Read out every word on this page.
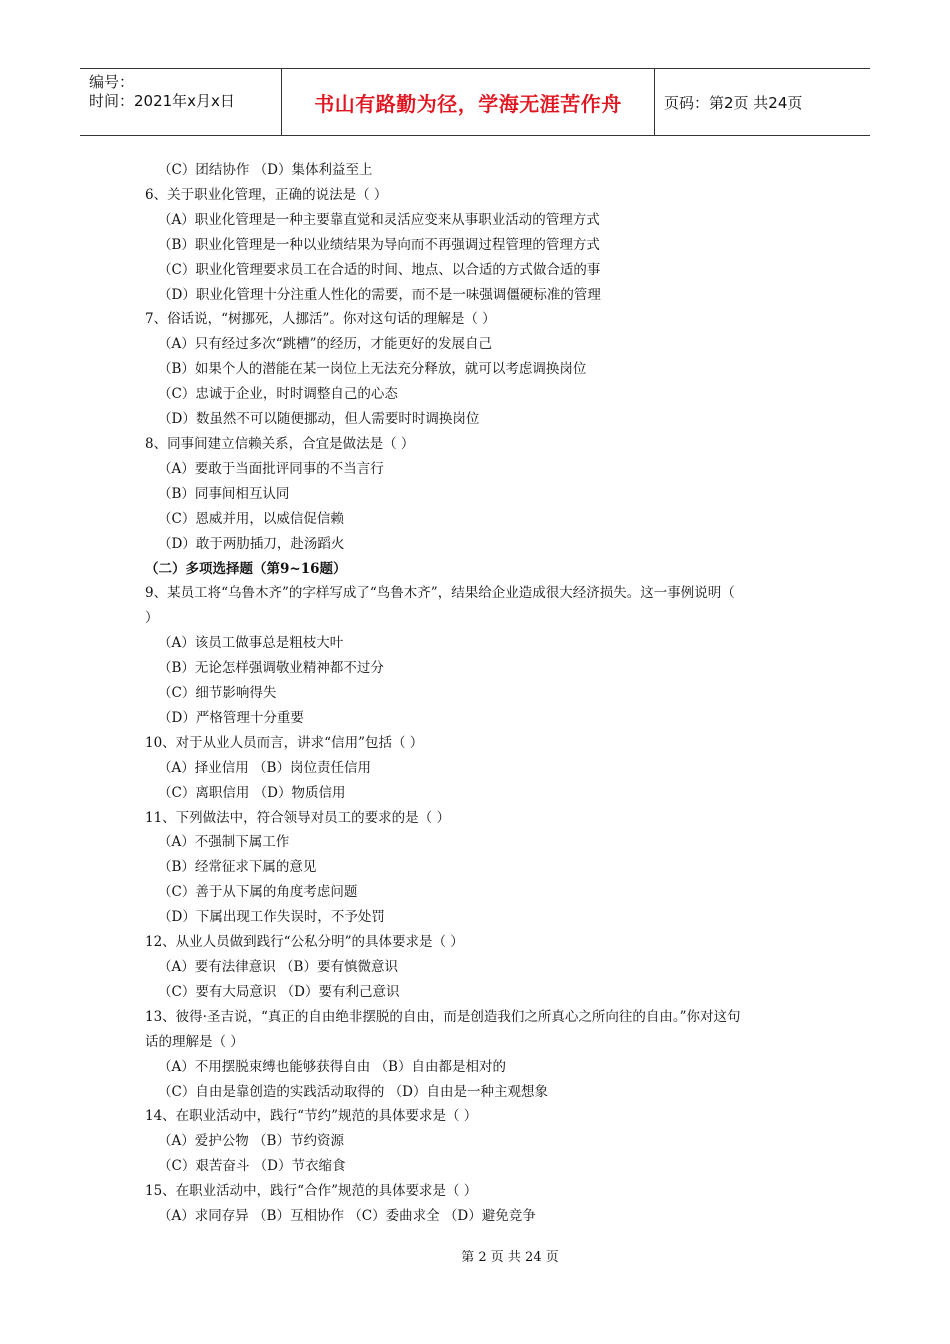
编号：
时间：2021年x月x日	书山有路勤为径，学海无涯苦作舟	页码：第2页 共24页
（C）团结协作 （D）集体利益至上
6、关于职业化管理，正确的说法是（ ）
（A）职业化管理是一种主要靠直觉和灵活应变来从事职业活动的管理方式
（B）职业化管理是一种以业绩结果为导向而不再强调过程管理的管理方式
（C）职业化管理要求员工在合适的时间、地点、以合适的方式做合适的事
（D）职业化管理十分注重人性化的需要，而不是一味强调僵硬标准的管理
7、俗话说，“树挪死，人挪活”。你对这句话的理解是（ ）
（A）只有经过多次“跳槽”的经历，才能更好的发展自己
（B）如果个人的潜能在某一岗位上无法充分释放，就可以考虑调换岗位
（C）忠诚于企业，时时调整自己的心态
（D）数虽然不可以随便挪动，但人需要时时调换岗位
8、同事间建立信赖关系，合宜是做法是（ ）
（A）要敢于当面批评同事的不当言行
（B）同事间相互认同
（C）恩威并用，以威信促信赖
（D）敢于两肋插刀，赴汤蹈火
（二）多项选择题（第9~16题）
9、某员工将“乌鲁木齐”的字样写成了“鸟鲁木齐”，结果给企业造成很大经济损失。这一事例说明（
）
（A）该员工做事总是粗枝大叶
（B）无论怎样强调敬业精神都不过分
（C）细节影响得失
（D）严格管理十分重要
10、对于从业人员而言，讲求“信用”包括（ ）
（A）择业信用 （B）岗位责任信用
（C）离职信用 （D）物质信用
11、下列做法中，符合领导对员工的要求的是（ ）
（A）不强制下属工作
（B）经常征求下属的意见
（C）善于从下属的角度考虑问题
（D）下属出现工作失误时，不予处罚
12、从业人员做到践行“公私分明”的具体要求是（ ）
（A）要有法律意识 （B）要有慎微意识
（C）要有大局意识 （D）要有利己意识
13、彼得·圣吉说，“真正的自由绝非摆脱的自由，而是创造我们之所真心之所向往的自由。”你对这句
话的理解是（ ）
（A）不用摆脱束缚也能够获得自由 （B）自由都是相对的
（C）自由是靠创造的实践活动取得的 （D）自由是一种主观想象
14、在职业活动中，践行“节约”规范的具体要求是（ ）
（A）爱护公物 （B）节约资源
（C）艰苦奋斗 （D）节衣缩食
15、在职业活动中，践行“合作”规范的具体要求是（ ）
（A）求同存异 （B）互相协作 （C）委曲求全 （D）避免竞争
第 2 页 共 24 页
